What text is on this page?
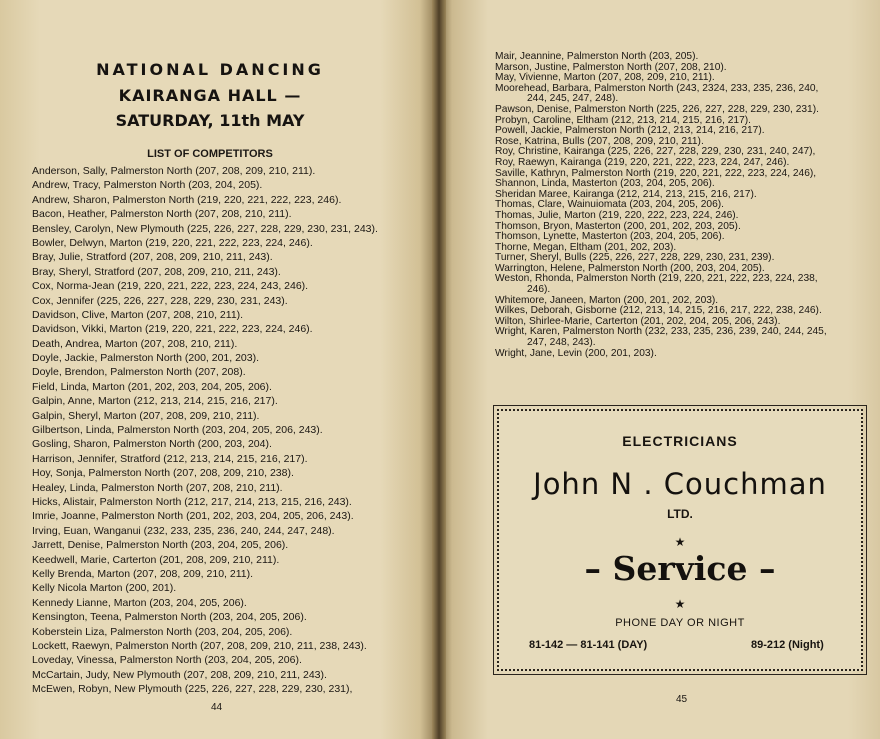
NATIONAL DANCING
KAIRANGA HALL —
SATURDAY, 11th MAY
LIST OF COMPETITORS
Anderson, Sally, Palmerston North (207, 208, 209, 210, 211).
Andrew, Tracy, Palmerston North (203, 204, 205).
Andrew, Sharon, Palmerston North (219, 220, 221, 222, 223, 246).
Bacon, Heather, Palmerston North (207, 208, 210, 211).
Bensley, Carolyn, New Plymouth (225, 226, 227, 228, 229, 230, 231, 243).
Bowler, Delwyn, Marton (219, 220, 221, 222, 223, 224, 246).
Bray, Julie, Stratford (207, 208, 209, 210, 211, 243).
Bray, Sheryl, Stratford (207, 208, 209, 210, 211, 243).
Cox, Norma-Jean (219, 220, 221, 222, 223, 224, 243, 246).
Cox, Jennifer (225, 226, 227, 228, 229, 230, 231, 243).
Davidson, Clive, Marton (207, 208, 210, 211).
Davidson, Vikki, Marton (219, 220, 221, 222, 223, 224, 246).
Death, Andrea, Marton (207, 208, 210, 211).
Doyle, Jackie, Palmerston North (200, 201, 203).
Doyle, Brendon, Palmerston North (207, 208).
Field, Linda, Marton (201, 202, 203, 204, 205, 206).
Galpin, Anne, Marton (212, 213, 214, 215, 216, 217).
Galpin, Sheryl, Marton (207, 208, 209, 210, 211).
Gilbertson, Linda, Palmerston North (203, 204, 205, 206, 243).
Gosling, Sharon, Palmerston North (200, 203, 204).
Harrison, Jennifer, Stratford (212, 213, 214, 215, 216, 217).
Hoy, Sonja, Palmerston North (207, 208, 209, 210, 238).
Healey, Linda, Palmerston North (207, 208, 210, 211).
Hicks, Alistair, Palmerston North (212, 217, 214, 213, 215, 216, 243).
Imrie, Joanne, Palmerston North (201, 202, 203, 204, 205, 206, 243).
Irving, Euan, Wanganui (232, 233, 235, 236, 240, 244, 247, 248).
Jarrett, Denise, Palmerston North (203, 204, 205, 206).
Keedwell, Marie, Carterton (201, 208, 209, 210, 211).
Kelly Brenda, Marton (207, 208, 209, 210, 211).
Kelly Nicola Marton (200, 201).
Kennedy Lianne, Marton (203, 204, 205, 206).
Kensington, Teena, Palmerston North (203, 204, 205, 206).
Koberstein Liza, Palmerston North (203, 204, 205, 206).
Lockett, Raewyn, Palmerston North (207, 208, 209, 210, 211, 238, 243).
Loveday, Vinessa, Palmerston North (203, 204, 205, 206).
McCartain, Judy, New Plymouth (207, 208, 209, 210, 211, 243).
McEwen, Robyn, New Plymouth (225, 226, 227, 228, 229, 230, 231),
44
45
Mair, Jeannine, Palmerston North (203, 205).
Marson, Justine, Palmerston North (207, 208, 210).
May, Vivienne, Marton (207, 208, 209, 210, 211).
Moorehead, Barbara, Palmerston North (243, 2324, 233, 235, 236, 240,
244, 245, 247, 248).
Pawson, Denise, Palmerston North (225, 226, 227, 228, 229, 230, 231).
Probyn, Caroline, Eltham (212, 213, 214, 215, 216, 217).
Powell, Jackie, Palmerston North (212, 213, 214, 216, 217).
Rose, Katrina, Bulls (207, 208, 209, 210, 211).
Roy, Christine, Kairanga (225, 226, 227, 228, 229, 230, 231, 240, 247),
Roy, Raewyn, Kairanga (219, 220, 221, 222, 223, 224, 247, 246).
Saville, Kathryn, Palmerston North (219, 220, 221, 222, 223, 224, 246),
Shannon, Linda, Masterton (203, 204, 205, 206).
Sheridan Maree, Kairanga (212, 214, 213, 215, 216, 217).
Thomas, Clare, Wainuiomata (203, 204, 205, 206).
Thomas, Julie, Marton (219, 220, 222, 223, 224, 246).
Thomson, Bryon, Masterton (200, 201, 202, 203, 205).
Thomson, Lynette, Masterton (203, 204, 205, 206).
Thorne, Megan, Eltham (201, 202, 203).
Turner, Sheryl, Bulls (225, 226, 227, 228, 229, 230, 231, 239).
Warrington, Helene, Palmerston North (200, 203, 204, 205).
Weston, Rhonda, Palmerston North (219, 220, 221, 222, 223, 224, 238,
246).
Whitemore, Janeen, Marton (200, 201, 202, 203).
Wilkes, Deborah, Gisborne (212, 213, 14, 215, 216, 217, 222, 238, 246).
Wilton, Shirlee-Marie, Carterton (201, 202, 204, 205, 206, 243).
Wright, Karen, Palmerston North (232, 233, 235, 236, 239, 240, 244, 245,
247, 248, 243).
Wright, Jane, Levin (200, 201, 203).
ELECTRICIANS
John N . Couchman
LTD.
★
– Service –
★
PHONE DAY OR NIGHT
81-142 — 81-141 (DAY)	89-212 (Night)
